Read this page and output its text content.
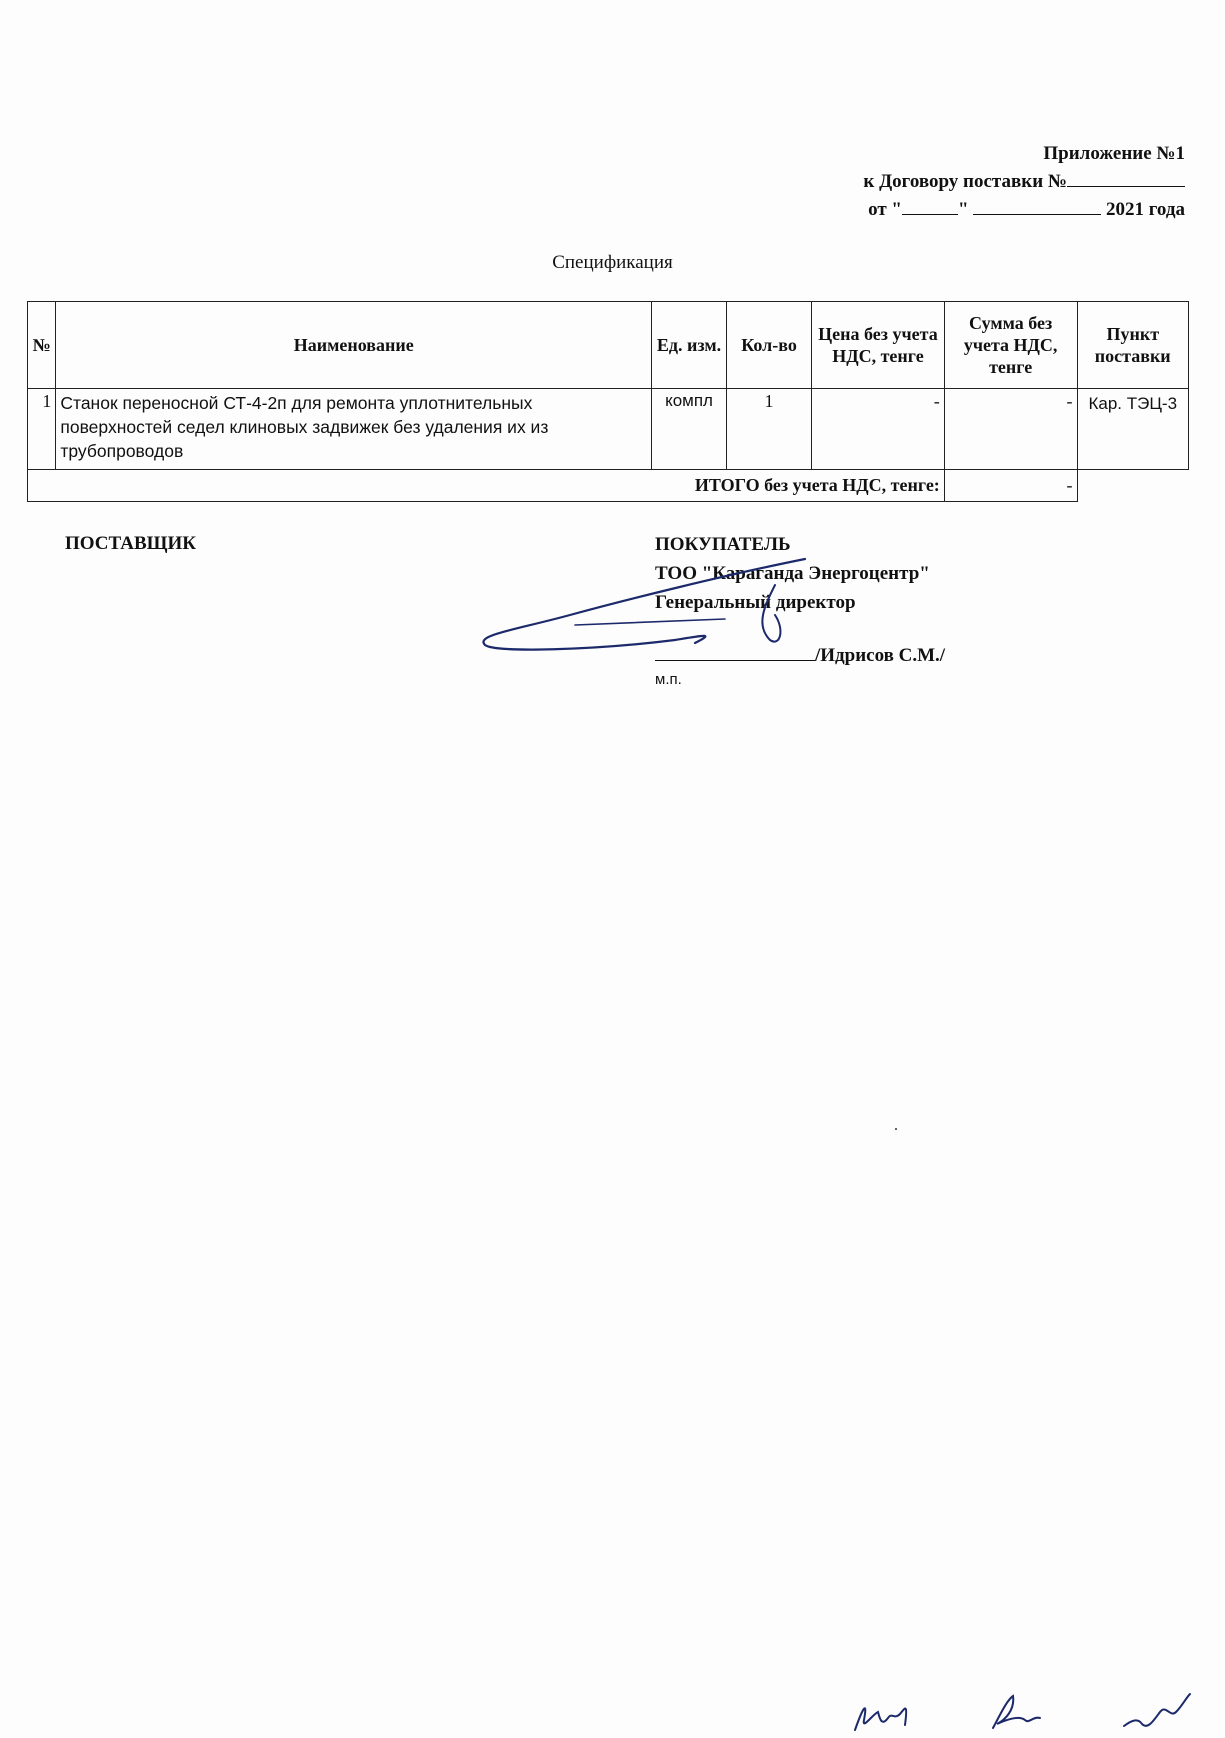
Приложение №1
к Договору поставки №
от "	"	2021 года
Спецификация
№	Наименование	Ед. изм.	Кол-во	Цена без учета НДС, тенге	Сумма без учета НДС, тенге	Пункт поставки
1	Станок переносной СТ-4-2п для ремонта уплотнительных поверхностей седел клиновых задвижек без удаления их из трубопроводов	компл	1	-	-	Кар. ТЭЦ-3
ИТОГО без учета НДС, тенге:					-	
ПОСТАВЩИК	ПОКУПАТЕЛЬ
ТОО "Караганда Энергоцентр"
Генеральный директор
/Идрисов С.М./
м.п.
